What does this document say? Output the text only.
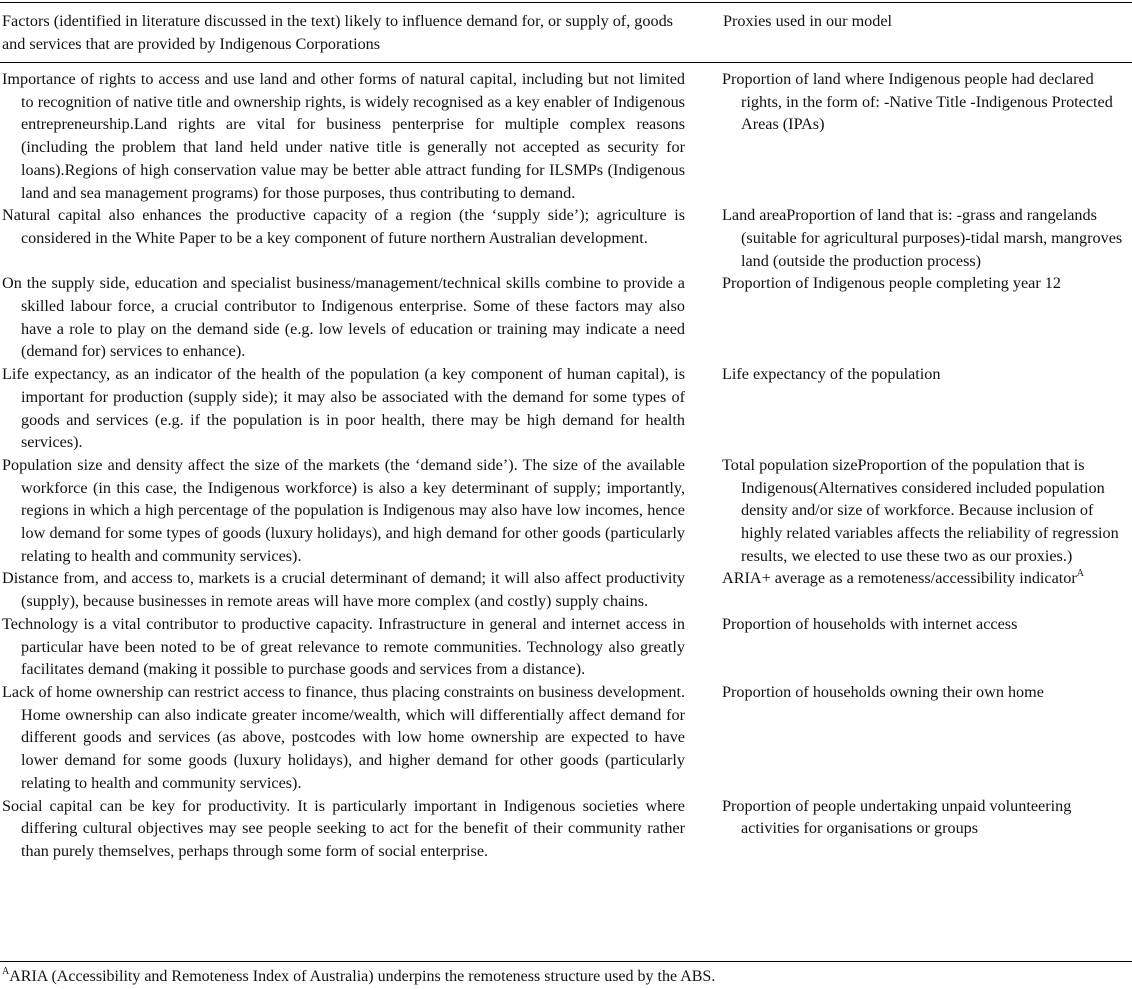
Factors (identified in literature discussed in the text) likely to influence demand for, or supply of, goods and services that are provided by Indigenous Corporations
Proxies used in our model
Importance of rights to access and use land and other forms of natural capital, including but not limited to recognition of native title and ownership rights, is widely recognised as a key enabler of Indigenous entrepreneurship.Land rights are vital for business penterprise for multiple complex reasons (including the problem that land held under native title is generally not accepted as security for loans).Regions of high conservation value may be better able attract funding for ILSMPs (Indigenous land and sea management programs) for those purposes, thus contributing to demand.
Proportion of land where Indigenous people had declared rights, in the form of: -Native Title -Indigenous Protected Areas (IPAs)
Natural capital also enhances the productive capacity of a region (the ‘supply side’); agriculture is considered in the White Paper to be a key component of future northern Australian development.
Land areaProportion of land that is: -grass and rangelands (suitable for agricultural purposes)-tidal marsh, mangroves land (outside the production process)
On the supply side, education and specialist business/management/technical skills combine to provide a skilled labour force, a crucial contributor to Indigenous enterprise. Some of these factors may also have a role to play on the demand side (e.g. low levels of education or training may indicate a need (demand for) services to enhance).
Proportion of Indigenous people completing year 12
Life expectancy, as an indicator of the health of the population (a key component of human capital), is important for production (supply side); it may also be associated with the demand for some types of goods and services (e.g. if the population is in poor health, there may be high demand for health services).
Life expectancy of the population
Population size and density affect the size of the markets (the ‘demand side’). The size of the available workforce (in this case, the Indigenous workforce) is also a key determinant of supply; importantly, regions in which a high percentage of the population is Indigenous may also have low incomes, hence low demand for some types of goods (luxury holidays), and high demand for other goods (particularly relating to health and community services).
Total population sizeProportion of the population that is Indigenous(Alternatives considered included population density and/or size of workforce. Because inclusion of highly related variables affects the reliability of regression results, we elected to use these two as our proxies.)
Distance from, and access to, markets is a crucial determinant of demand; it will also affect productivity (supply), because businesses in remote areas will have more complex (and costly) supply chains.
ARIA+ average as a remoteness/accessibility indicator$^A$
Technology is a vital contributor to productive capacity. Infrastructure in general and internet access in particular have been noted to be of great relevance to remote communities. Technology also greatly facilitates demand (making it possible to purchase goods and services from a distance).
Proportion of households with internet access
Lack of home ownership can restrict access to finance, thus placing constraints on business development. Home ownership can also indicate greater income/wealth, which will differentially affect demand for different goods and services (as above, postcodes with low home ownership are expected to have lower demand for some goods (luxury holidays), and higher demand for other goods (particularly relating to health and community services).
Proportion of households owning their own home
Social capital can be key for productivity. It is particularly important in Indigenous societies where differing cultural objectives may see people seeking to act for the benefit of their community rather than purely themselves, perhaps through some form of social enterprise.
Proportion of people undertaking unpaid volunteering activities for organisations or groups
$^A$ARIA (Accessibility and Remoteness Index of Australia) underpins the remoteness structure used by the ABS.
